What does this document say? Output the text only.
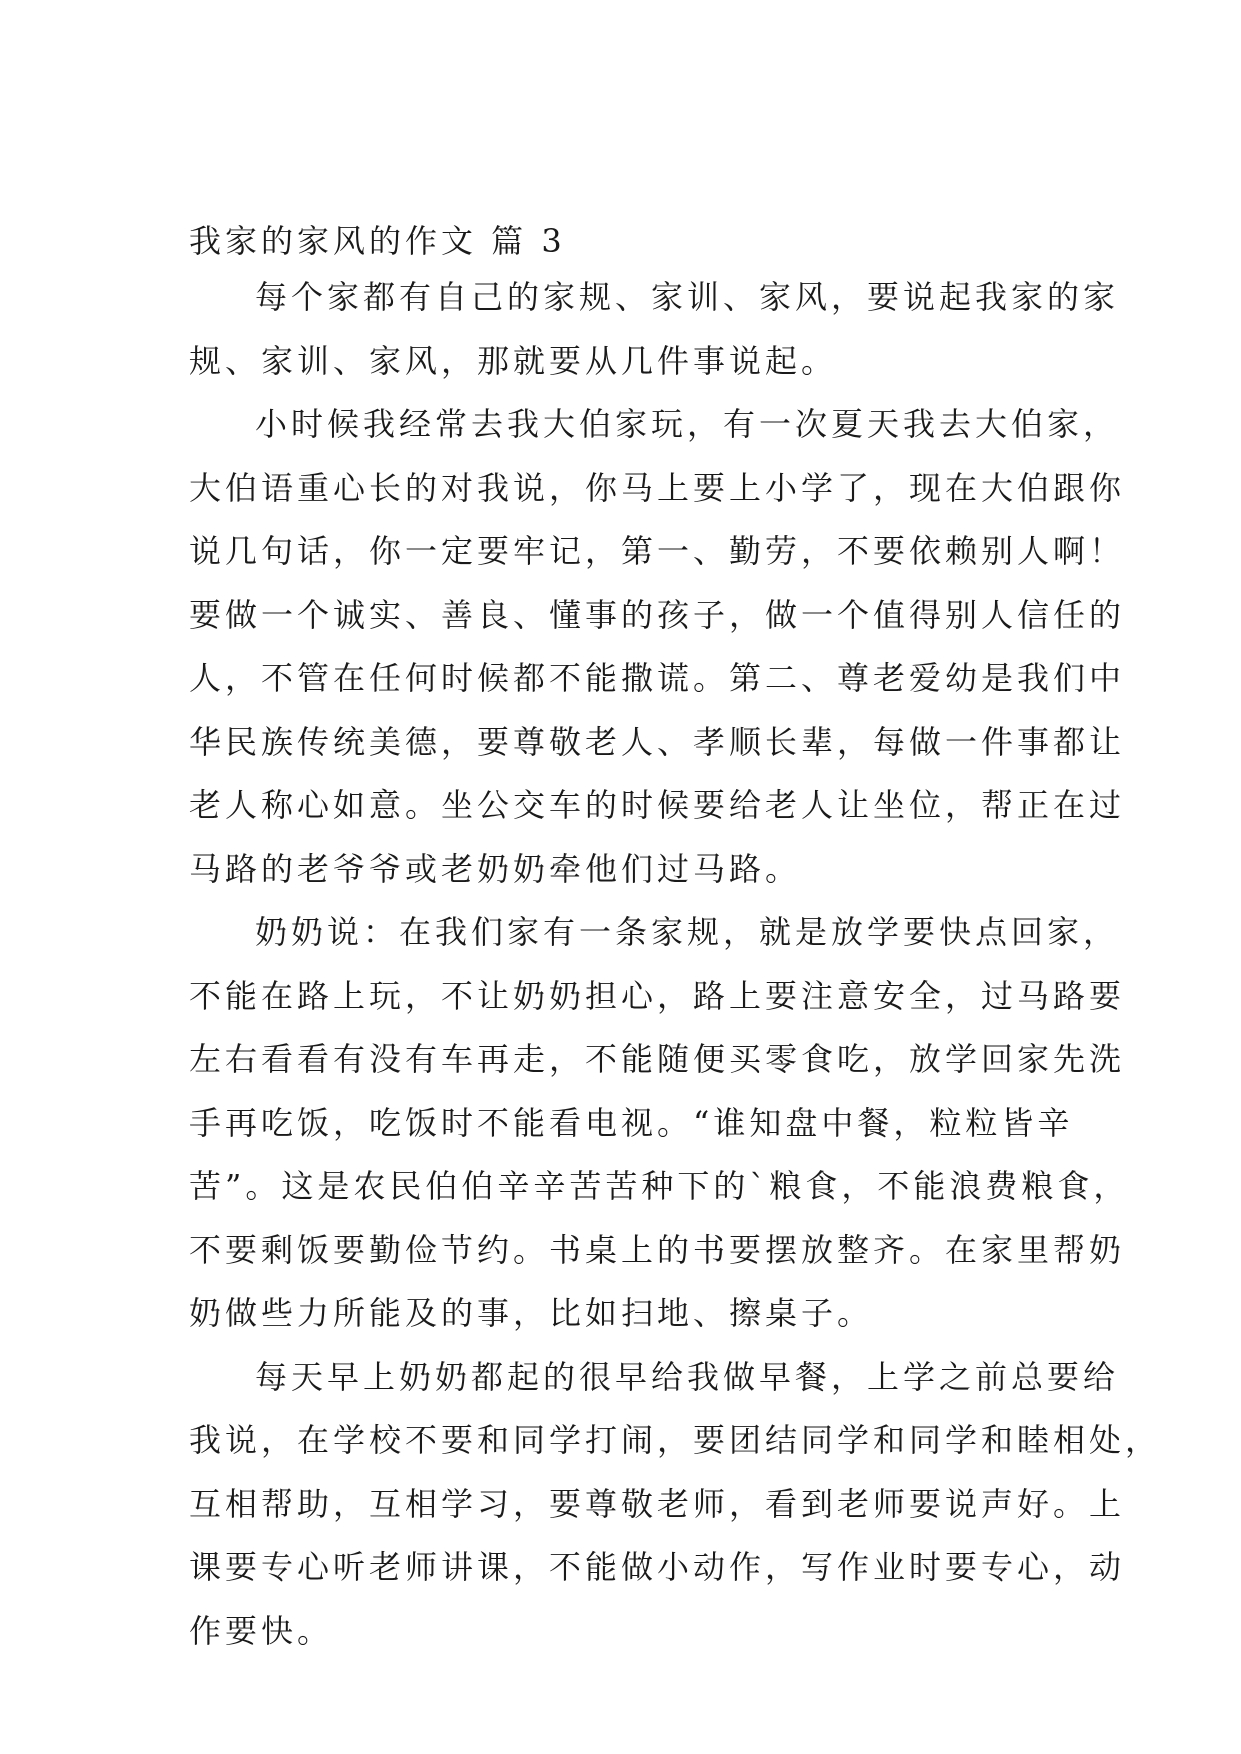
我家的家风的作文 篇 3
每个家都有自己的家规、家训、家风，要说起我家的家
规、家训、家风，那就要从几件事说起。
小时候我经常去我大伯家玩，有一次夏天我去大伯家，
大伯语重心长的对我说，你马上要上小学了，现在大伯跟你
说几句话，你一定要牢记，第一、勤劳，不要依赖别人啊！
要做一个诚实、善良、懂事的孩子，做一个值得别人信任的
人，不管在任何时候都不能撒谎。第二、尊老爱幼是我们中
华民族传统美德，要尊敬老人、孝顺长辈，每做一件事都让
老人称心如意。坐公交车的时候要给老人让坐位，帮正在过
马路的老爷爷或老奶奶牵他们过马路。
奶奶说：在我们家有一条家规，就是放学要快点回家，
不能在路上玩，不让奶奶担心，路上要注意安全，过马路要
左右看看有没有车再走，不能随便买零食吃，放学回家先洗
手再吃饭，吃饭时不能看电视。“谁知盘中餐，粒粒皆辛
苦”。这是农民伯伯辛辛苦苦种下的`粮食，不能浪费粮食，
不要剩饭要勤俭节约。书桌上的书要摆放整齐。在家里帮奶
奶做些力所能及的事，比如扫地、擦桌子。
每天早上奶奶都起的很早给我做早餐，上学之前总要给
我说，在学校不要和同学打闹，要团结同学和同学和睦相处，
互相帮助，互相学习，要尊敬老师，看到老师要说声好。上
课要专心听老师讲课，不能做小动作，写作业时要专心，动
作要快。
